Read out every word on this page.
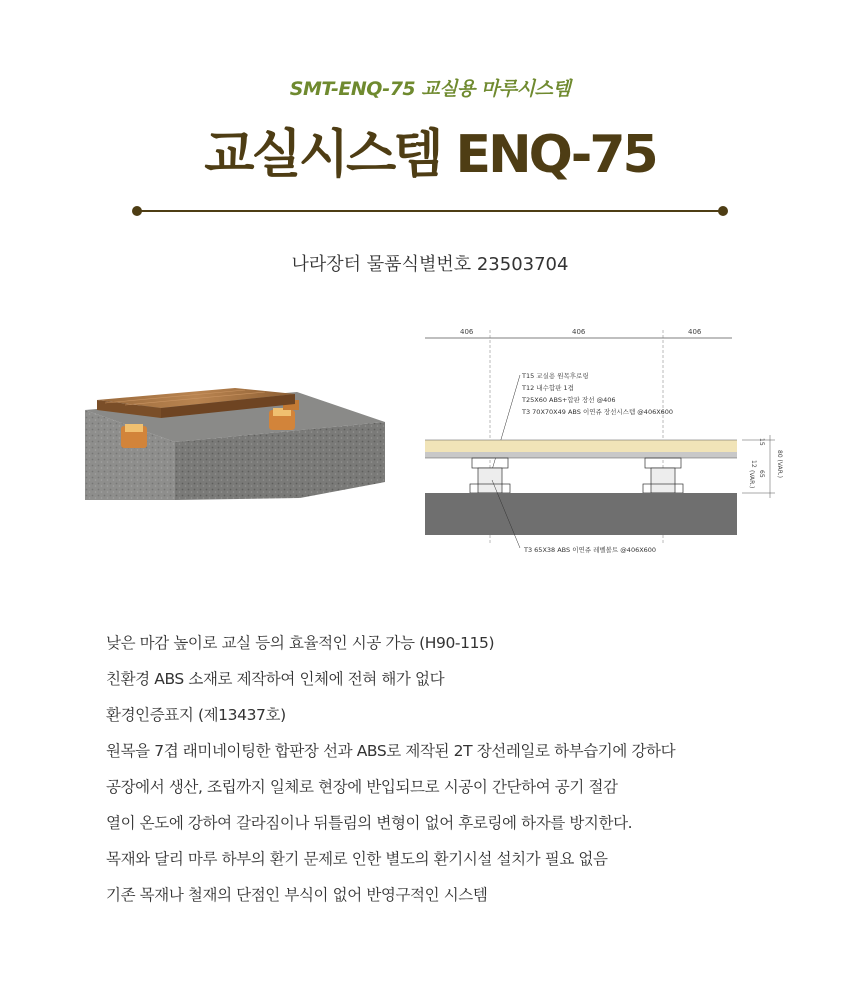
SMT-ENQ-75 교실용 마루시스템
교실시스템 ENQ-75
나라장터 물품식별번호 23503704
406	406	406
T15 교실용 원목후로링
T12 내수합판 1겹
T25X60 ABS+합판 장선 @406
T3 70X70X49 ABS 이연쥬 장선시스템 @406X600
T3 65X38 ABS 이연쥬 레벨볼트 @406X600
12
15
65
(VAR.)
80 (VAR.)
낮은 마감 높이로 교실 등의 효율적인 시공 가능 (H90-115)
친환경 ABS 소재로 제작하여 인체에 전혀 해가 없다
환경인증표지 (제13437호)
원목을 7겹 래미네이팅한 합판장 선과 ABS로 제작된 2T 장선레일로 하부습기에 강하다
공장에서 생산, 조립까지 일체로 현장에 반입되므로 시공이 간단하여 공기 절감
열이 온도에 강하여 갈라짐이나 뒤틀림의 변형이 없어 후로링에 하자를 방지한다.
목재와 달리 마루 하부의 환기 문제로 인한 별도의 환기시설 설치가 필요 없음
기존 목재나 철재의 단점인 부식이 없어 반영구적인 시스템
